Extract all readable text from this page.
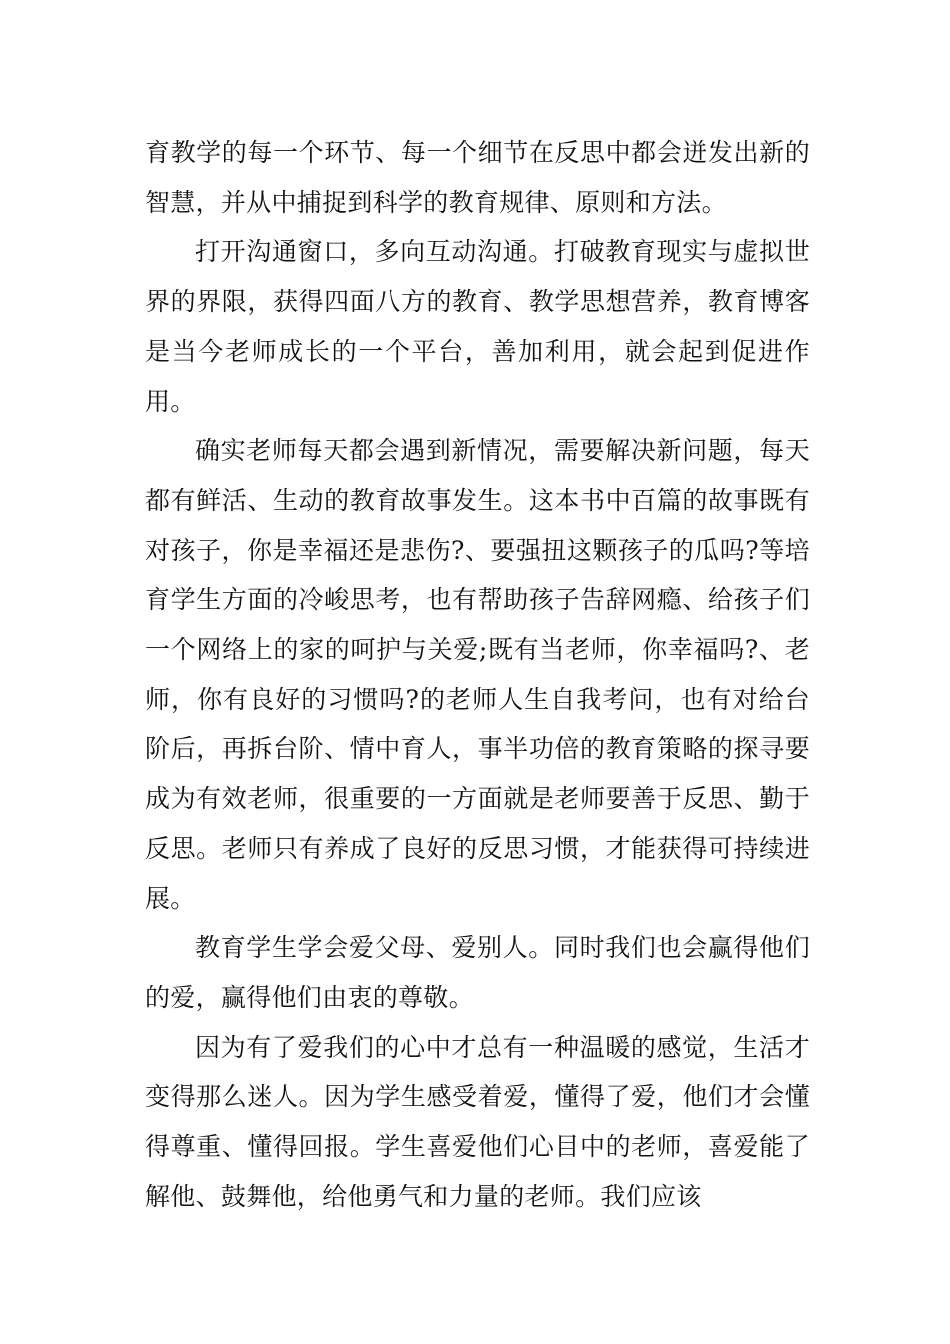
育教学的每一个环节、每一个细节在反思中都会迸发出新的智慧，并从中捕捉到科学的教育规律、原则和方法。

打开沟通窗口，多向互动沟通。打破教育现实与虚拟世界的界限，获得四面八方的教育、教学思想营养，教育博客是当今老师成长的一个平台，善加利用，就会起到促进作用。

确实老师每天都会遇到新情况，需要解决新问题，每天都有鲜活、生动的教育故事发生。这本书中百篇的故事既有对孩子，你是幸福还是悲伤?、要强扭这颗孩子的瓜吗?等培育学生方面的冷峻思考，也有帮助孩子告辞网瘾、给孩子们一个网络上的家的呵护与关爱;既有当老师，你幸福吗?、老师，你有良好的习惯吗?的老师人生自我考问，也有对给台阶后，再拆台阶、情中育人，事半功倍的教育策略的探寻要成为有效老师，很重要的一方面就是老师要善于反思、勤于反思。老师只有养成了良好的反思习惯，才能获得可持续进展。

教育学生学会爱父母、爱别人。同时我们也会赢得他们的爱，赢得他们由衷的尊敬。

因为有了爱我们的心中才总有一种温暖的感觉，生活才变得那么迷人。因为学生感受着爱，懂得了爱，他们才会懂得尊重、懂得回报。学生喜爱他们心目中的老师，喜爱能了解他、鼓舞他，给他勇气和力量的老师。我们应该
